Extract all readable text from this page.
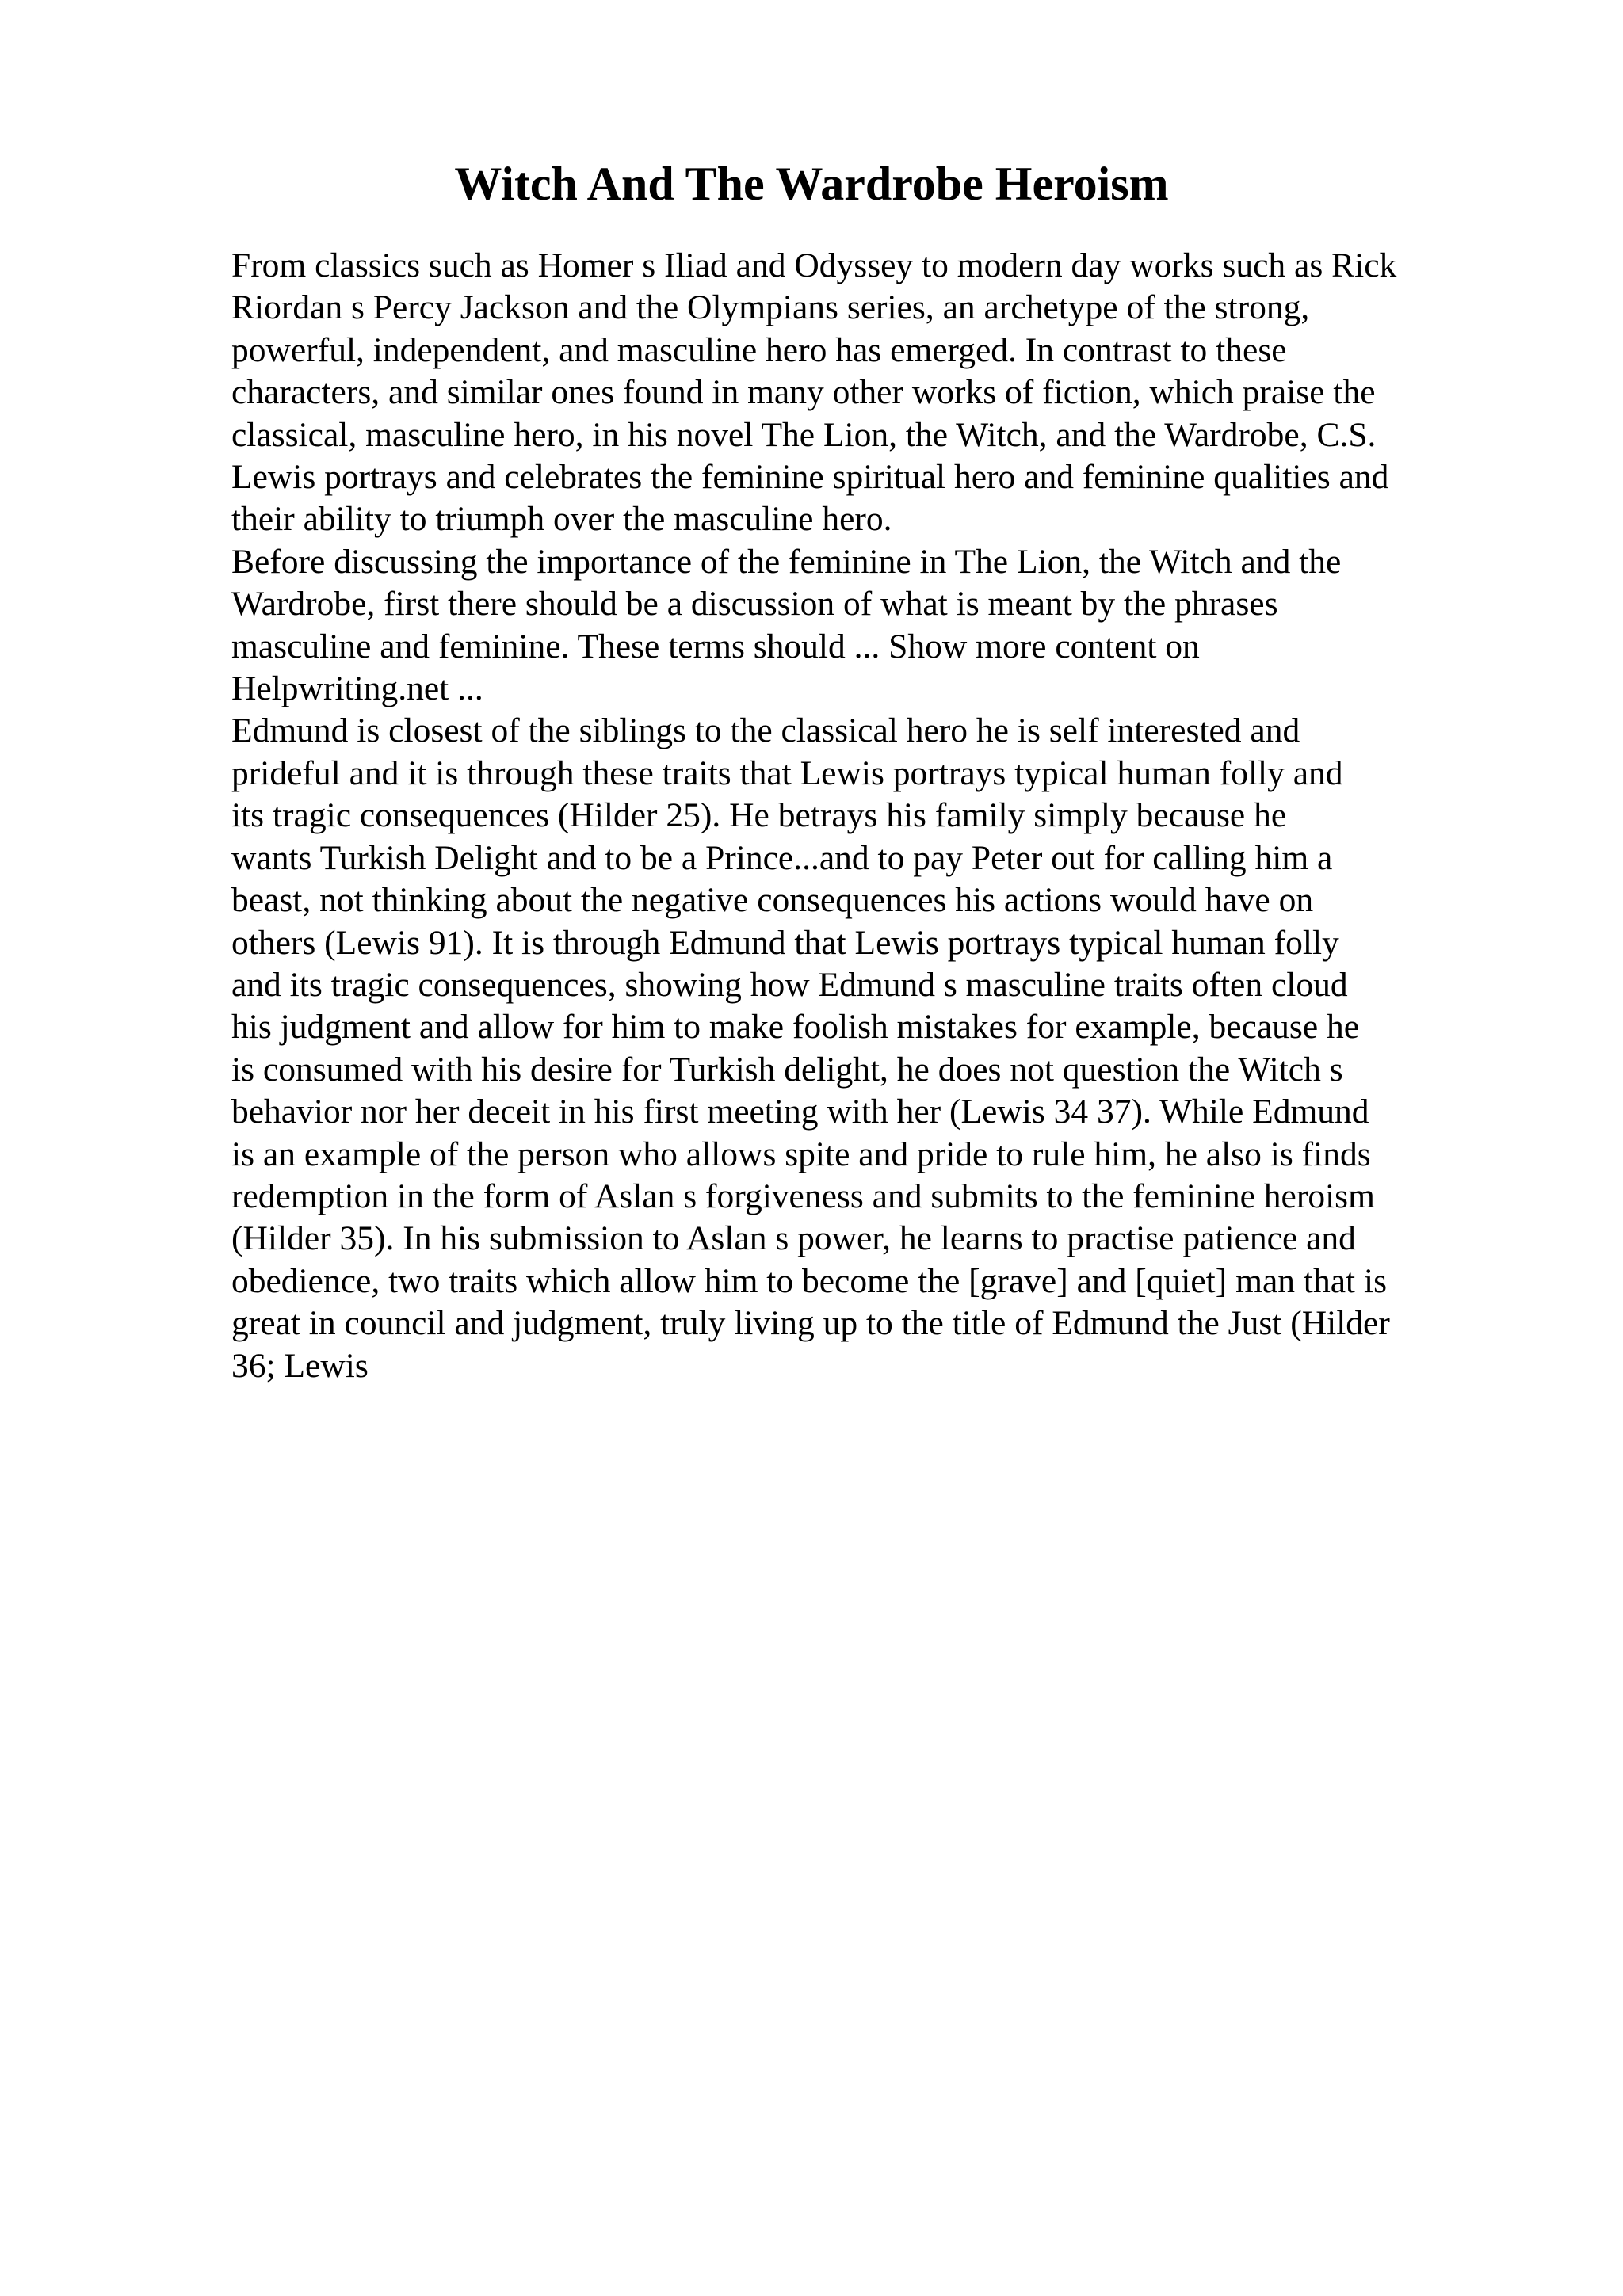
Witch And The Wardrobe Heroism

From classics such as Homer s Iliad and Odyssey to modern day works such as Rick
Riordan s Percy Jackson and the Olympians series, an archetype of the strong,
powerful, independent, and masculine hero has emerged. In contrast to these
characters, and similar ones found in many other works of fiction, which praise the
classical, masculine hero, in his novel The Lion, the Witch, and the Wardrobe, C.S.
Lewis portrays and celebrates the feminine spiritual hero and feminine qualities and
their ability to triumph over the masculine hero.

Before discussing the importance of the feminine in The Lion, the Witch and the
Wardrobe, first there should be a discussion of what is meant by the phrases
masculine and feminine. These terms should ... Show more content on
Helpwriting.net ...

Edmund is closest of the siblings to the classical hero he is self interested and
prideful and it is through these traits that Lewis portrays typical human folly and
its tragic consequences (Hilder 25). He betrays his family simply because he
wants Turkish Delight and to be a Prince...and to pay Peter out for calling him a
beast, not thinking about the negative consequences his actions would have on
others (Lewis 91). It is through Edmund that Lewis portrays typical human folly
and its tragic consequences, showing how Edmund s masculine traits often cloud
his judgment and allow for him to make foolish mistakes for example, because he
is consumed with his desire for Turkish delight, he does not question the Witch s
behavior nor her deceit in his first meeting with her (Lewis 34 37). While Edmund
is an example of the person who allows spite and pride to rule him, he also is finds
redemption in the form of Aslan s forgiveness and submits to the feminine heroism
(Hilder 35). In his submission to Aslan s power, he learns to practise patience and
obedience, two traits which allow him to become the [grave] and [quiet] man that is
great in council and judgment, truly living up to the title of Edmund the Just (Hilder
36; Lewis
